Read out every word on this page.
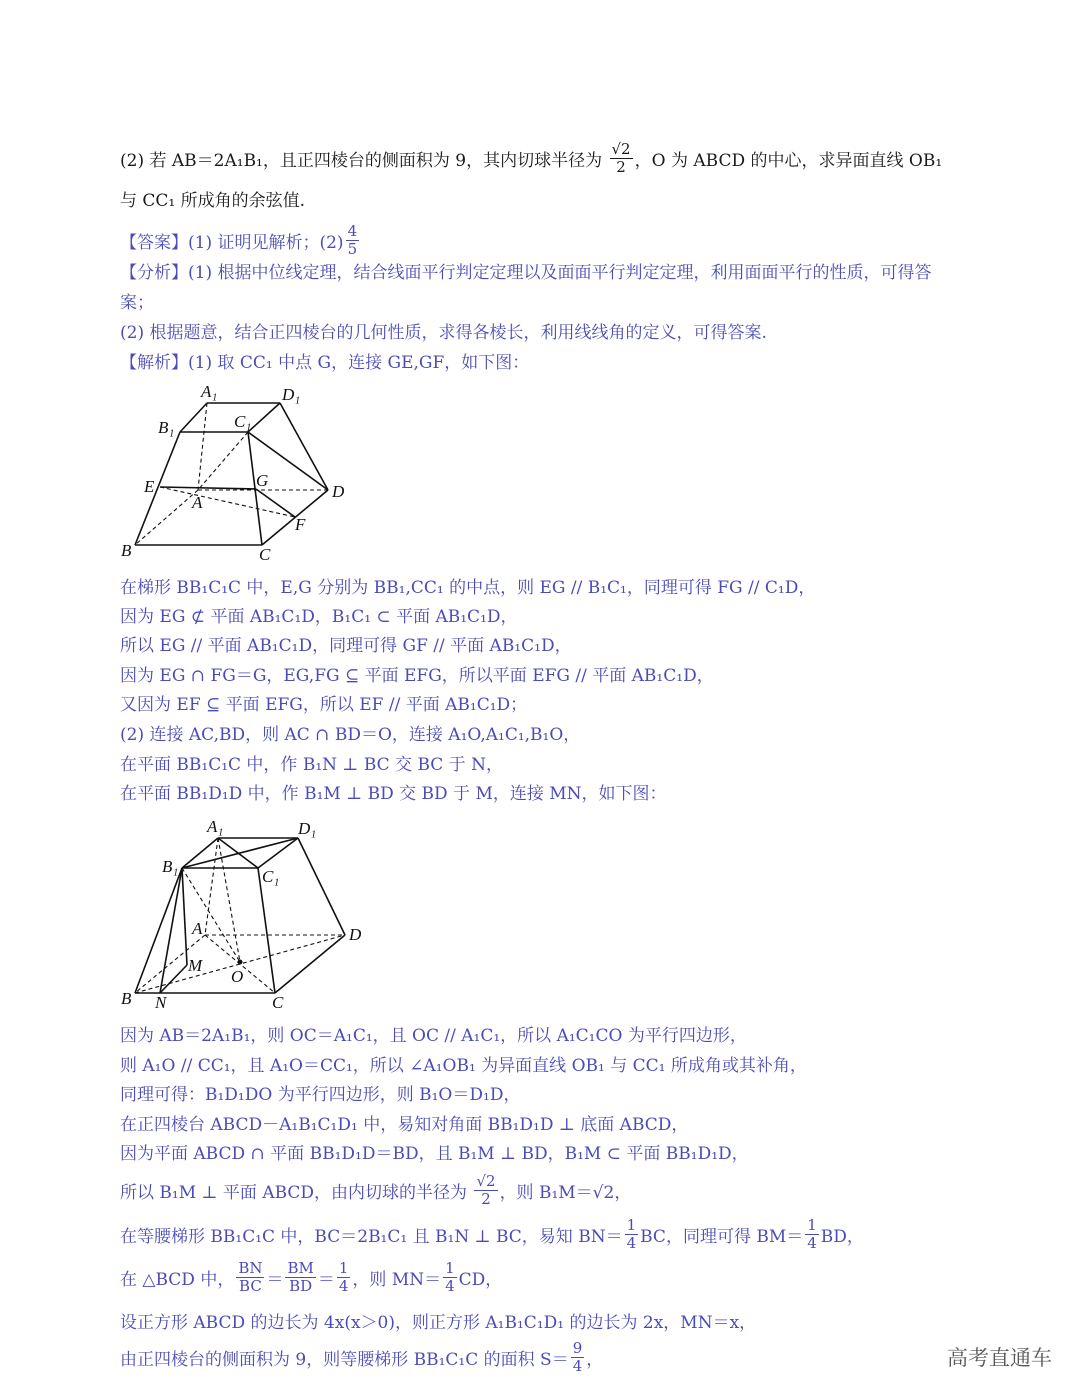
(2) 若 AB＝2A₁B₁，且正四棱台的侧面积为 9，其内切球半径为 $\frac{√2}{2}$ ，O 为 ABCD 的中心，求异面直线 OB₁
与 CC₁ 所成角的余弦值.
【答案】(1) 证明见解析；$(2) \frac{4}{5}$
【分析】(1) 根据中位线定理，结合线面平行判定定理以及面面平行判定定理，利用面面平行的性质，可得答
案；
(2) 根据题意，结合正四棱台的几何性质，求得各棱长，利用线线角的定义，可得答案.
【解析】(1) 取 CC₁ 中点 G，连接 GE,GF，如下图：
在梯形 BB₁C₁C 中，E,G 分别为 BB₁,CC₁ 的中点，则 EG // B₁C₁，同理可得 FG // C₁D，
因为 EG ⊄ 平面 AB₁C₁D，B₁C₁ ⊂ 平面 AB₁C₁D，
所以 EG // 平面 AB₁C₁D，同理可得 GF // 平面 AB₁C₁D，
因为 EG ∩ FG＝G，EG,FG ⊆ 平面 EFG，所以平面 EFG // 平面 AB₁C₁D，
又因为 EF ⊆ 平面 EFG，所以 EF // 平面 AB₁C₁D；
(2) 连接 AC,BD，则 AC ∩ BD＝O，连接 A₁O,A₁C₁,B₁O，
在平面 BB₁C₁C 中，作 B₁N ⊥ BC 交 BC 于 N，
在平面 BB₁D₁D 中，作 B₁M ⊥ BD 交 BD 于 M，连接 MN，如下图：
因为 AB＝2A₁B₁，则 OC＝A₁C₁，且 OC // A₁C₁，所以 A₁C₁CO 为平行四边形，
则 A₁O // CC₁，且 A₁O＝CC₁，所以 ∠A₁OB₁ 为异面直线 OB₁ 与 CC₁ 所成角或其补角，
同理可得：B₁D₁DO 为平行四边形，则 B₁O＝D₁D，
在正四棱台 ABCD－A₁B₁C₁D₁ 中，易知对角面 BB₁D₁D ⊥ 底面 ABCD，
因为平面 ABCD ∩ 平面 BB₁D₁D＝BD，且 B₁M ⊥ BD，B₁M ⊂ 平面 BB₁D₁D，
所以 B₁M ⊥ 平面 ABCD，由内切球的半径为 $\frac{√2}{2}$ ，则 B₁M＝√2，
在等腰梯形 BB₁C₁C 中，BC＝2B₁C₁ 且 B₁N ⊥ BC，易知 $BN= \frac{1}{4}$ BC，同理可得 $BM= \frac{1}{4}$ BD，
在 △BCD 中， $\frac{BN}{BC} = \frac{BM}{BD} = \frac{1}{4}$ ，则 $MN= \frac{1}{4}$ CD，
设正方形 ABCD 的边长为 4x(x＞0)，则正方形 A₁B₁C₁D₁ 的边长为 2x，MN＝x，
由正四棱台的侧面积为 9，则等腰梯形 BB₁C₁C 的面积 $S= \frac{9}{4}$ ，
A₁	D₁
B₁	C₁
E	G
A
D
F
B	C
A₁	D₁
B₁
C₁
A	D
M
O
B N	C
高考直通车
